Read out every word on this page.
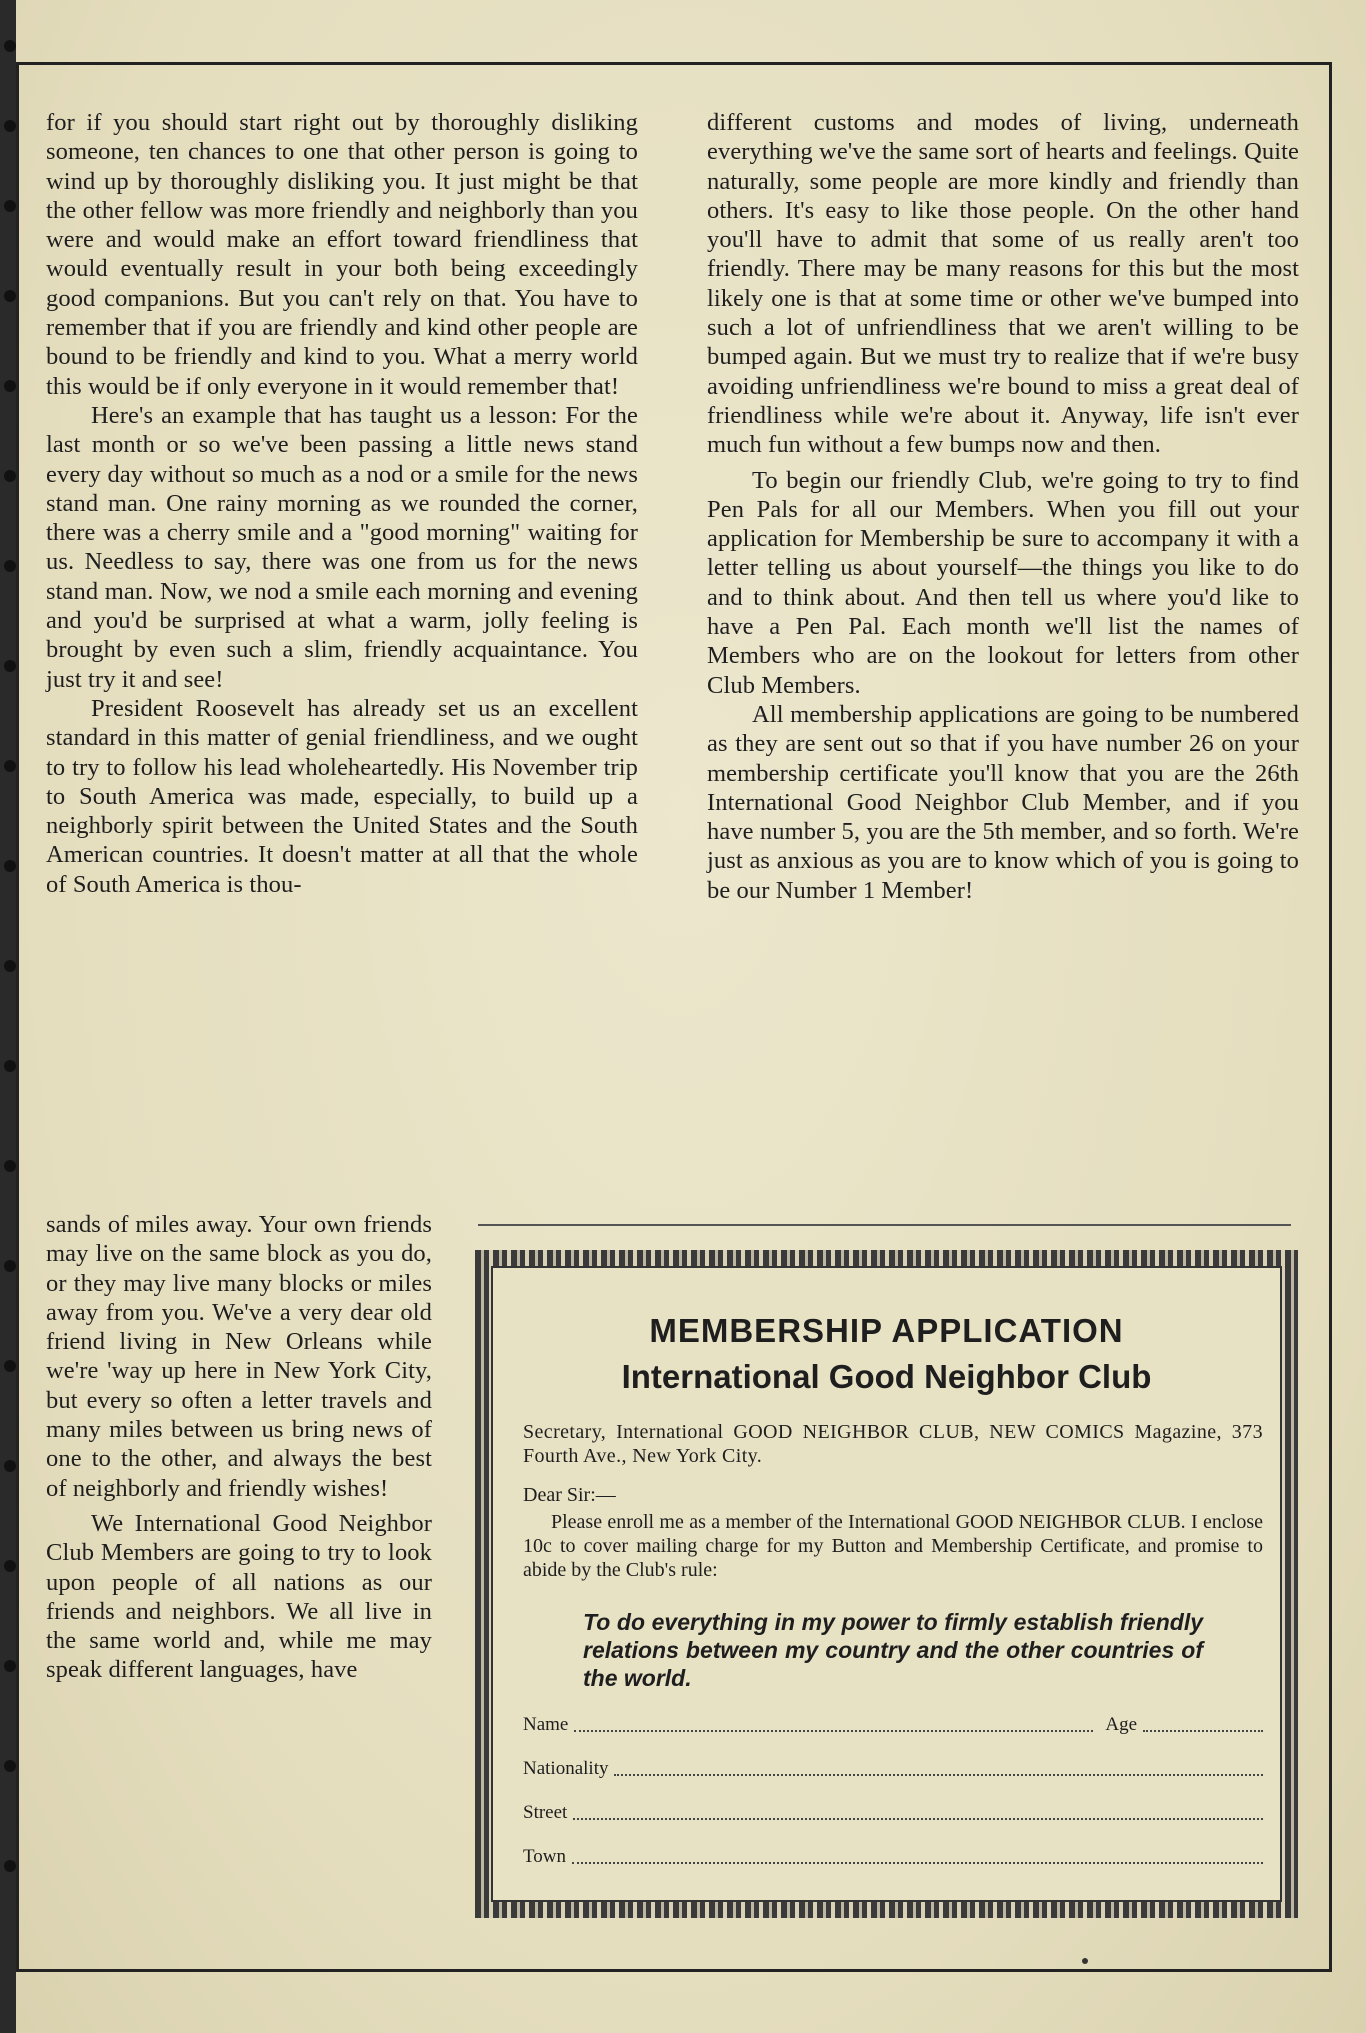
for if you should start right out by thoroughly disliking someone, ten chances to one that other person is going to wind up by thoroughly disliking you. It just might be that the other fellow was more friendly and neighborly than you were and would make an effort toward friendliness that would eventually result in your both being exceedingly good companions. But you can't rely on that. You have to remember that if you are friendly and kind other people are bound to be friendly and kind to you. What a merry world this would be if only everyone in it would remember that!

Here's an example that has taught us a lesson: For the last month or so we've been passing a little news stand every day without so much as a nod or a smile for the news stand man. One rainy morning as we rounded the corner, there was a cherry smile and a "good morning" waiting for us. Needless to say, there was one from us for the news stand man. Now, we nod a smile each morning and evening and you'd be surprised at what a warm, jolly feeling is brought by even such a slim, friendly acquaintance. You just try it and see!

President Roosevelt has already set us an excellent standard in this matter of genial friendliness, and we ought to try to follow his lead wholeheartedly. His November trip to South America was made, especially, to build up a neighborly spirit between the United States and the South American countries. It doesn't matter at all that the whole of South America is thou-

sands of miles away. Your own friends may live on the same block as you do, or they may live many blocks or miles away from you. We've a very dear old friend living in New Orleans while we're 'way up here in New York City, but every so often a letter travels and many miles between us bring news of one to the other, and always the best of neighborly and friendly wishes!

We International Good Neighbor Club Members are going to try to look upon people of all nations as our friends and neighbors. We all live in the same world and, while me may speak different languages, have

different customs and modes of living, underneath everything we've the same sort of hearts and feelings. Quite naturally, some people are more kindly and friendly than others. It's easy to like those people. On the other hand you'll have to admit that some of us really aren't too friendly. There may be many reasons for this but the most likely one is that at some time or other we've bumped into such a lot of unfriendliness that we aren't willing to be bumped again. But we must try to realize that if we're busy avoiding unfriendliness we're bound to miss a great deal of friendliness while we're about it. Anyway, life isn't ever much fun without a few bumps now and then.

To begin our friendly Club, we're going to try to find Pen Pals for all our Members. When you fill out your application for Membership be sure to accompany it with a letter telling us about yourself—the things you like to do and to think about. And then tell us where you'd like to have a Pen Pal. Each month we'll list the names of Members who are on the lookout for letters from other Club Members.

All membership applications are going to be numbered as they are sent out so that if you have number 26 on your membership certificate you'll know that you are the 26th International Good Neighbor Club Member, and if you have number 5, you are the 5th member, and so forth. We're just as anxious as you are to know which of you is going to be our Number 1 Member!

MEMBERSHIP APPLICATION
International Good Neighbor Club
Secretary, International GOOD NEIGHBOR CLUB, NEW COMICS Magazine, 373 Fourth Ave., New York City.
Dear Sir:—
Please enroll me as a member of the International GOOD NEIGHBOR CLUB. I enclose 10c to cover mailing charge for my Button and Membership Certificate, and promise to abide by the Club's rule:
To do everything in my power to firmly establish friendly relations between my country and the other countries of the world.
Name	Age
Nationality
Street
Town
